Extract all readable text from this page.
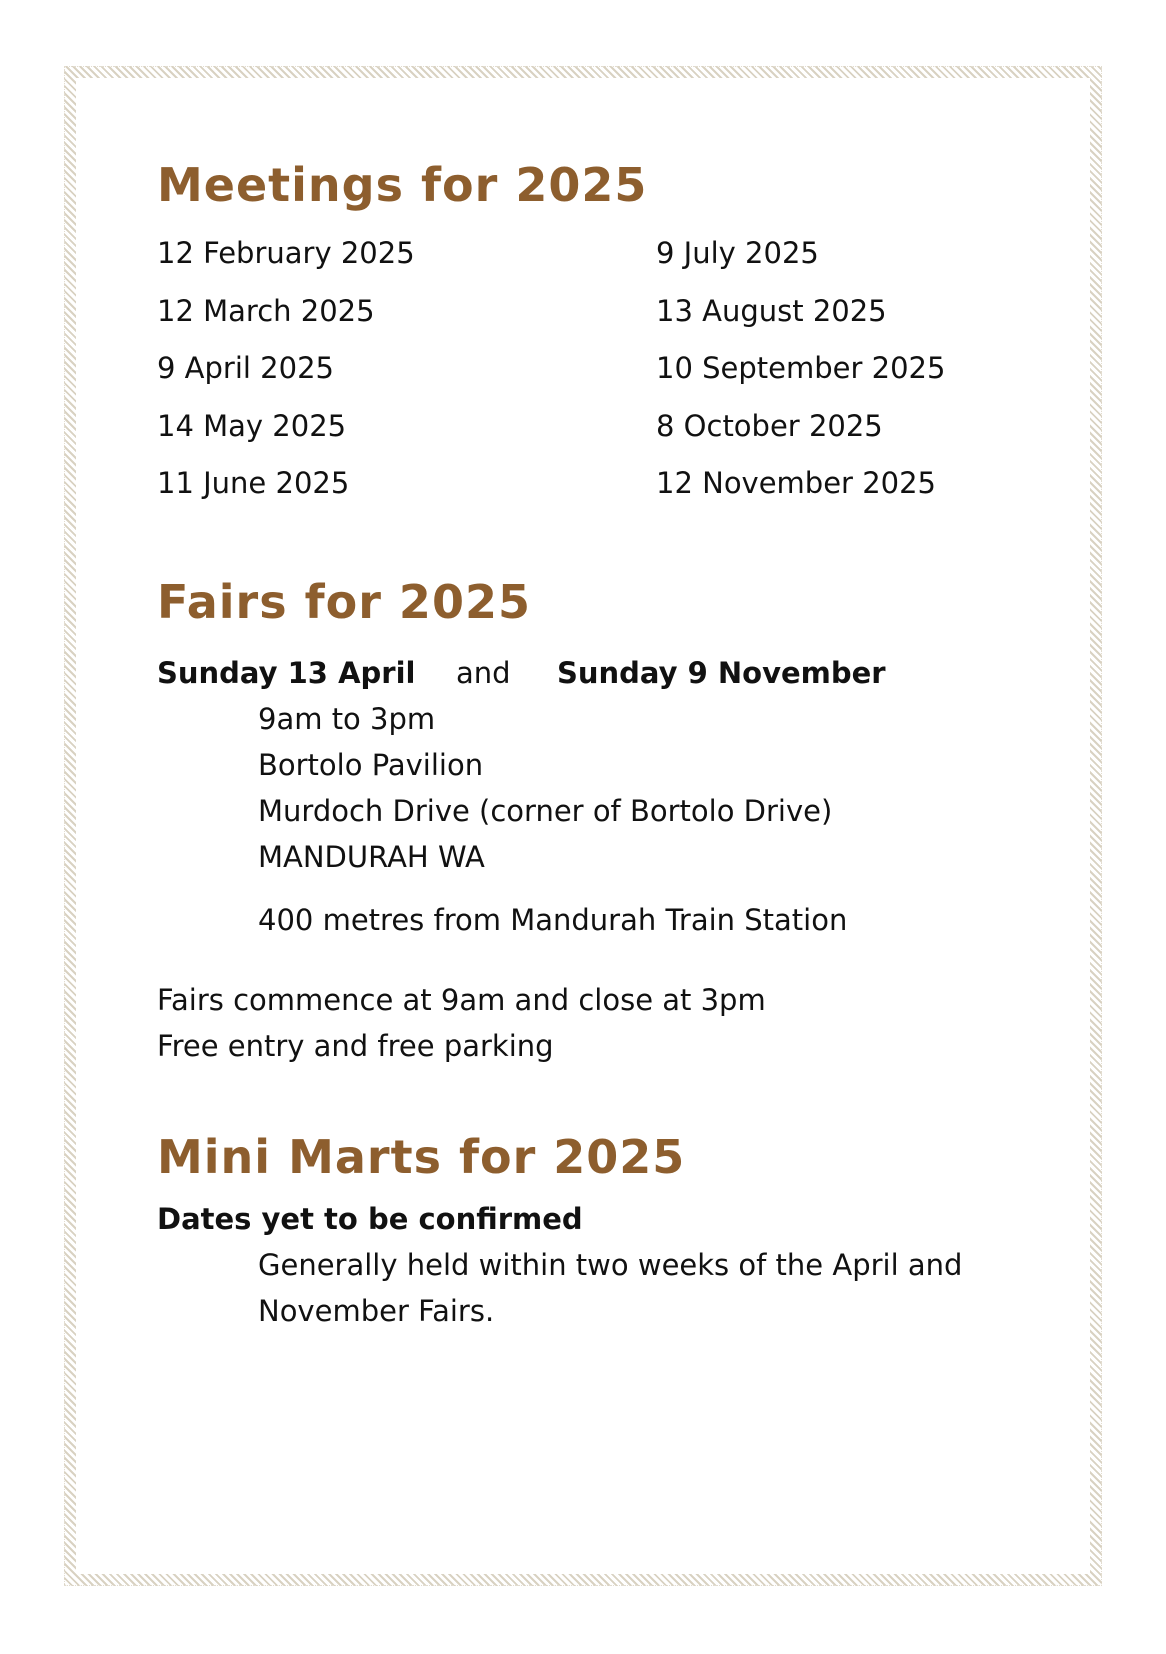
Meetings for 2025
12 February 2025
12 March 2025
9 April 2025
14 May 2025
11 June 2025
9 July 2025
13 August 2025
10 September 2025
8 October 2025
12 November 2025
Fairs for 2025
Sunday 13 April and Sunday 9 November
9am to 3pm
Bortolo Pavilion
Murdoch Drive (corner of Bortolo Drive)
MANDURAH WA
400 metres from Mandurah Train Station
Fairs commence at 9am and close at 3pm
Free entry and free parking
Mini Marts for 2025
Dates yet to be confirmed
Generally held within two weeks of the April and
November Fairs.
